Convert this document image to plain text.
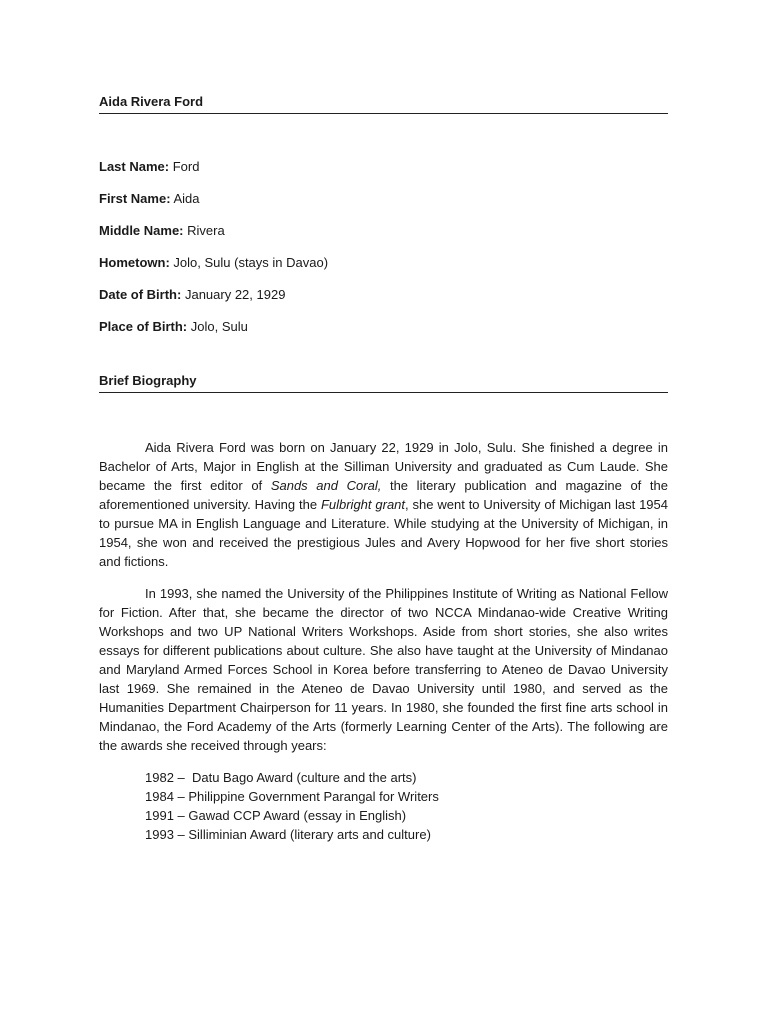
Aida Rivera Ford
Last Name: Ford
First Name: Aida
Middle Name: Rivera
Hometown: Jolo, Sulu (stays in Davao)
Date of Birth: January 22, 1929
Place of Birth: Jolo, Sulu
Brief Biography

Aida Rivera Ford was born on January 22, 1929 in Jolo, Sulu. She finished a degree in Bachelor of Arts, Major in English at the Silliman University and graduated as Cum Laude. She became the first editor of Sands and Coral, the literary publication and magazine of the aforementioned university. Having the Fulbright grant, she went to University of Michigan last 1954 to pursue MA in English Language and Literature. While studying at the University of Michigan, in 1954, she won and received the prestigious Jules and Avery Hopwood for her five short stories and fictions.

In 1993, she named the University of the Philippines Institute of Writing as National Fellow for Fiction. After that, she became the director of two NCCA Mindanao-wide Creative Writing Workshops and two UP National Writers Workshops. Aside from short stories, she also writes essays for different publications about culture. She also have taught at the University of Mindanao and Maryland Armed Forces School in Korea before transferring to Ateneo de Davao University last 1969. She remained in the Ateneo de Davao University until 1980, and served as the Humanities Department Chairperson for 11 years. In 1980, she founded the first fine arts school in Mindanao, the Ford Academy of the Arts (formerly Learning Center of the Arts). The following are the awards she received through years:

1982 –  Datu Bago Award (culture and the arts)
1984 – Philippine Government Parangal for Writers
1991 – Gawad CCP Award (essay in English)
1993 – Silliminian Award (literary arts and culture)
